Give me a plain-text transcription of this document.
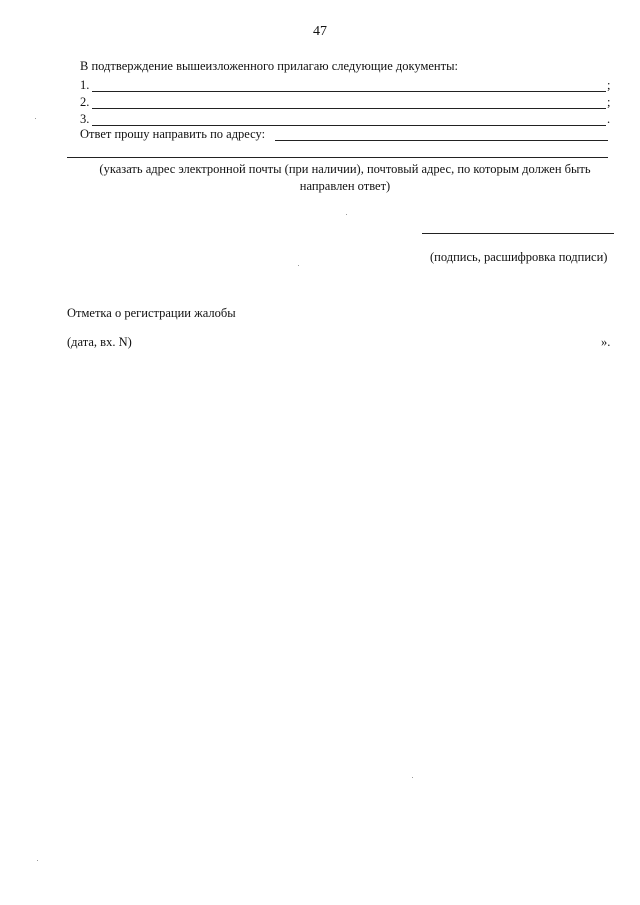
47
В подтверждение вышеизложенного прилагаю следующие документы:
1.	;
2.	;
3.	.
Ответ прошу направить по адресу:
(указать адрес электронной почты (при наличии), почтовый адрес, по которым должен быть направлен ответ)
(подпись, расшифровка подписи)
Отметка о регистрации жалобы
(дата, вх. N)	».
